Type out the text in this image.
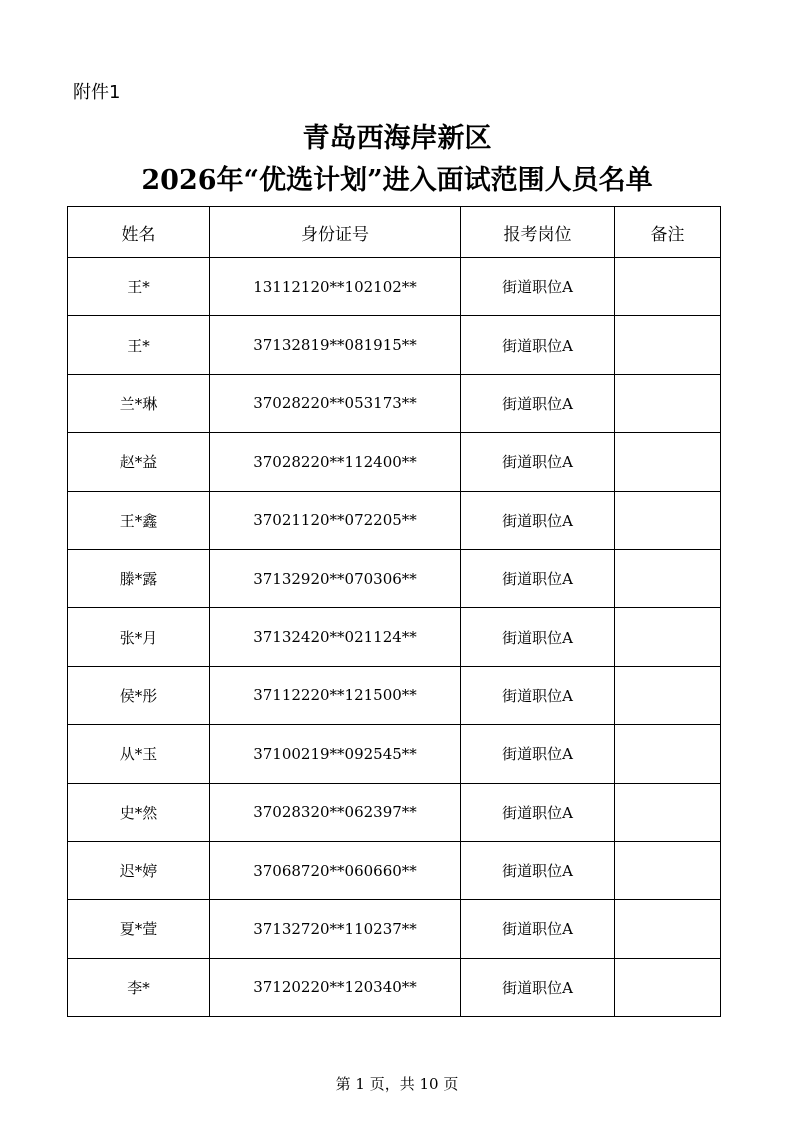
附件1
青岛西海岸新区
2026年“优选计划”进入面试范围人员名单
姓名	身份证号	报考岗位	备注
王*	13112120**102102**	街道职位A	
王*	37132819**081915**	街道职位A	
兰*琳	37028220**053173**	街道职位A	
赵*益	37028220**112400**	街道职位A	
王*鑫	37021120**072205**	街道职位A	
滕*露	37132920**070306**	街道职位A	
张*月	37132420**021124**	街道职位A	
侯*彤	37112220**121500**	街道职位A	
从*玉	37100219**092545**	街道职位A	
史*然	37028320**062397**	街道职位A	
迟*婷	37068720**060660**	街道职位A	
夏*萱	37132720**110237**	街道职位A	
李*	37120220**120340**	街道职位A	
第 1 页，共 10 页
